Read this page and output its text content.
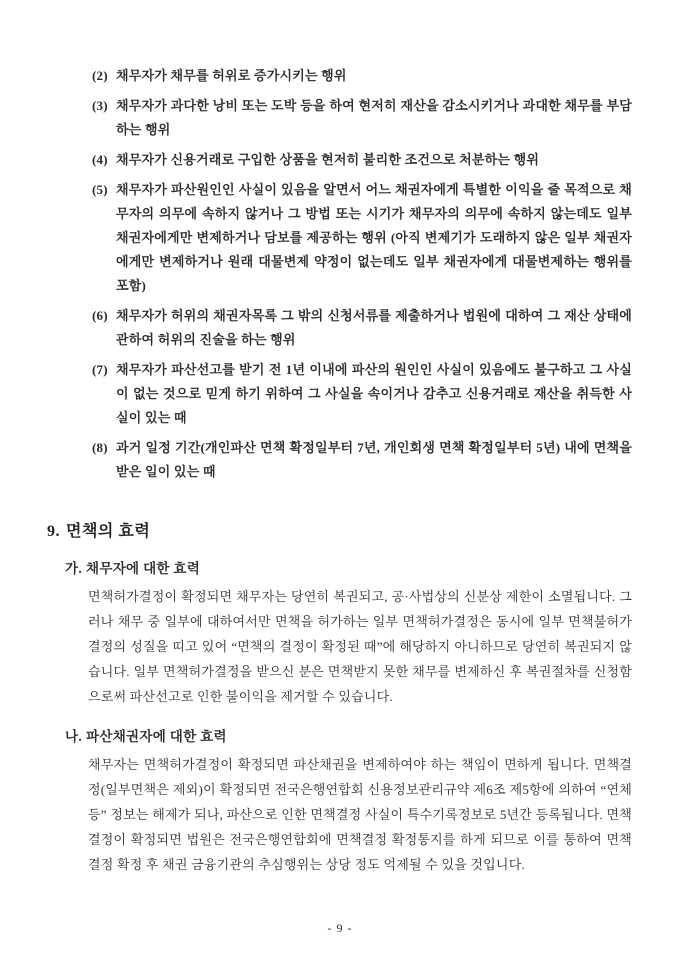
(2) 채무자가 채무를 허위로 증가시키는 행위
(3) 채무자가 과다한 낭비 또는 도박 등을 하여 현저히 재산을 감소시키거나 과대한 채무를 부담하는 행위
(4) 채무자가 신용거래로 구입한 상품을 현저히 불리한 조건으로 처분하는 행위
(5) 채무자가 파산원인인 사실이 있음을 알면서 어느 채권자에게 특별한 이익을 줄 목적으로 채무자의 의무에 속하지 않거나 그 방법 또는 시기가 채무자의 의무에 속하지 않는데도 일부 채권자에게만 변제하거나 담보를 제공하는 행위 (아직 변제기가 도래하지 않은 일부 채권자에게만 변제하거나 원래 대물변제 약정이 없는데도 일부 채권자에게 대물변제하는 행위를 포함)
(6) 채무자가 허위의 채권자목록 그 밖의 신청서류를 제출하거나 법원에 대하여 그 재산 상태에 관하여 허위의 진술을 하는 행위
(7) 채무자가 파산선고를 받기 전 1년 이내에 파산의 원인인 사실이 있음에도 불구하고 그 사실이 없는 것으로 믿게 하기 위하여 그 사실을 속이거나 감추고 신용거래로 재산을 취득한 사실이 있는 때
(8) 과거 일정 기간(개인파산 면책 확정일부터 7년, 개인회생 면책 확정일부터 5년) 내에 면책을 받은 일이 있는 때
9. 면책의 효력
가. 채무자에 대한 효력

면책허가결정이 확정되면 채무자는 당연히 복권되고, 공·사법상의 신분상 제한이 소멸됩니다. 그러나 채무 중 일부에 대하여서만 면책을 허가하는 일부 면책허가결정은 동시에 일부 면책불허가결정의 성질을 띠고 있어 “면책의 결정이 확정된 때”에 해당하지 아니하므로 당연히 복권되지 않습니다. 일부 면책허가결정을 받으신 분은 면책받지 못한 채무를 변제하신 후 복권절차를 신청함으로써 파산선고로 인한 불이익을 제거할 수 있습니다.

나. 파산채권자에 대한 효력

채무자는 면책허가결정이 확정되면 파산채권을 변제하여야 하는 책임이 면하게 됩니다. 면책결정(일부면책은 제외)이 확정되면 전국은행연합회 신용정보관리규약 제6조 제5항에 의하여 “연체 등” 정보는 해제가 되나, 파산으로 인한 면책결정 사실이 특수기록정보로 5년간 등록됩니다. 면책결정이 확정되면 법원은 전국은행연합회에 면책결정 확정통지를 하게 되므로 이를 통하여 면책결정 확정 후 채권 금융기관의 추심행위는 상당 정도 억제될 수 있을 것입니다.

- 9 -
